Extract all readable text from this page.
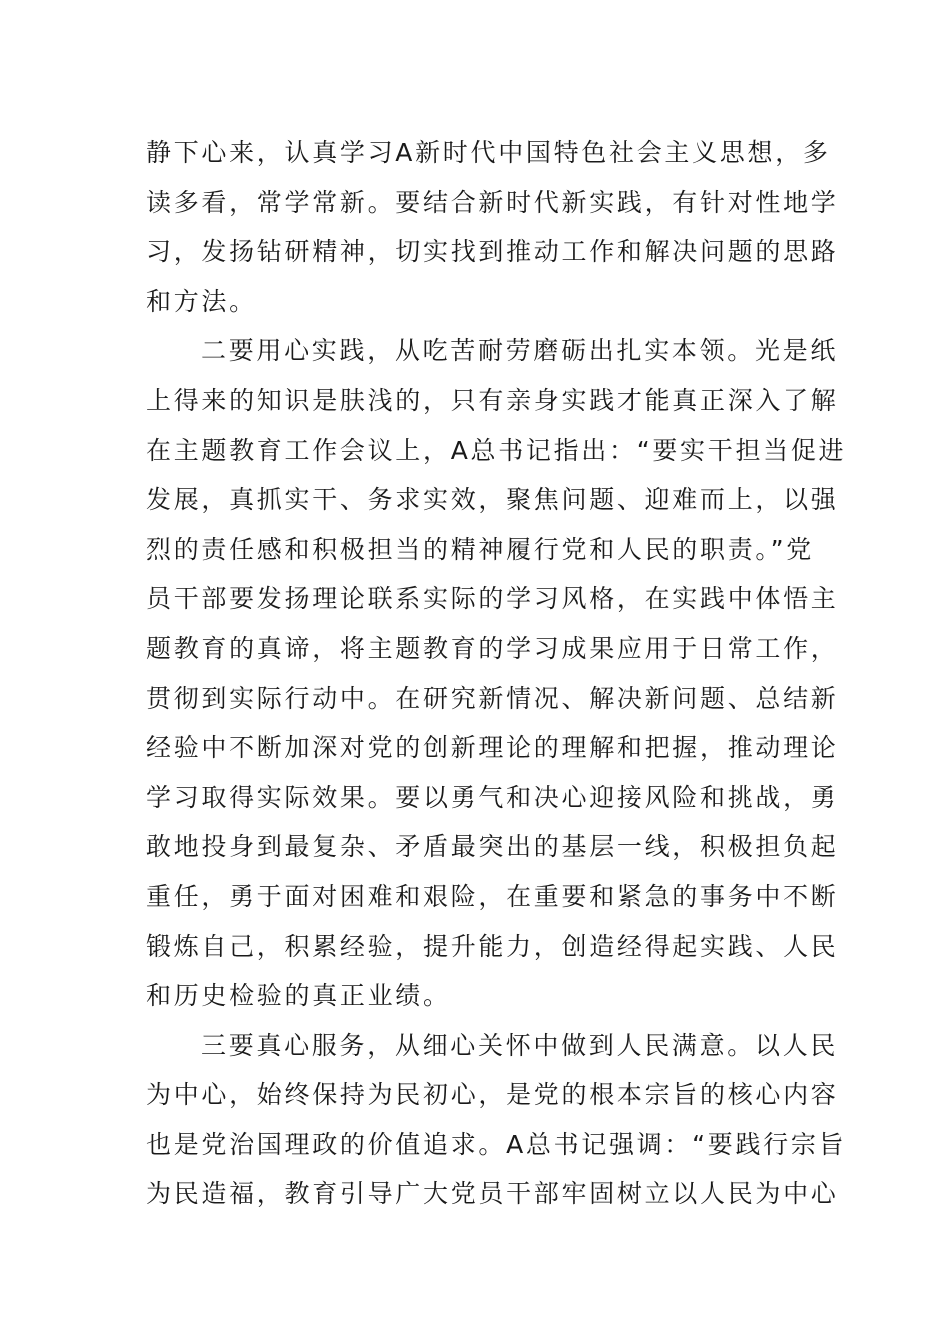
静下心来，认真学习A新时代中国特色社会主义思想，多
读多看，常学常新。要结合新时代新实践，有针对性地学
习，发扬钻研精神，切实找到推动工作和解决问题的思路
和方法。
二要用心实践，从吃苦耐劳磨砺出扎实本领。光是纸
上得来的知识是肤浅的，只有亲身实践才能真正深入了解
在主题教育工作会议上，A总书记指出：“要实干担当促进
发展，真抓实干、务求实效，聚焦问题、迎难而上，以强
烈的责任感和积极担当的精神履行党和人民的职责。”党
员干部要发扬理论联系实际的学习风格，在实践中体悟主
题教育的真谛，将主题教育的学习成果应用于日常工作，
贯彻到实际行动中。在研究新情况、解决新问题、总结新
经验中不断加深对党的创新理论的理解和把握，推动理论
学习取得实际效果。要以勇气和决心迎接风险和挑战，勇
敢地投身到最复杂、矛盾最突出的基层一线，积极担负起
重任，勇于面对困难和艰险，在重要和紧急的事务中不断
锻炼自己，积累经验，提升能力，创造经得起实践、人民
和历史检验的真正业绩。
三要真心服务，从细心关怀中做到人民满意。以人民
为中心，始终保持为民初心，是党的根本宗旨的核心内容
也是党治国理政的价值追求。A总书记强调：“要践行宗旨
为民造福，教育引导广大党员干部牢固树立以人民为中心
